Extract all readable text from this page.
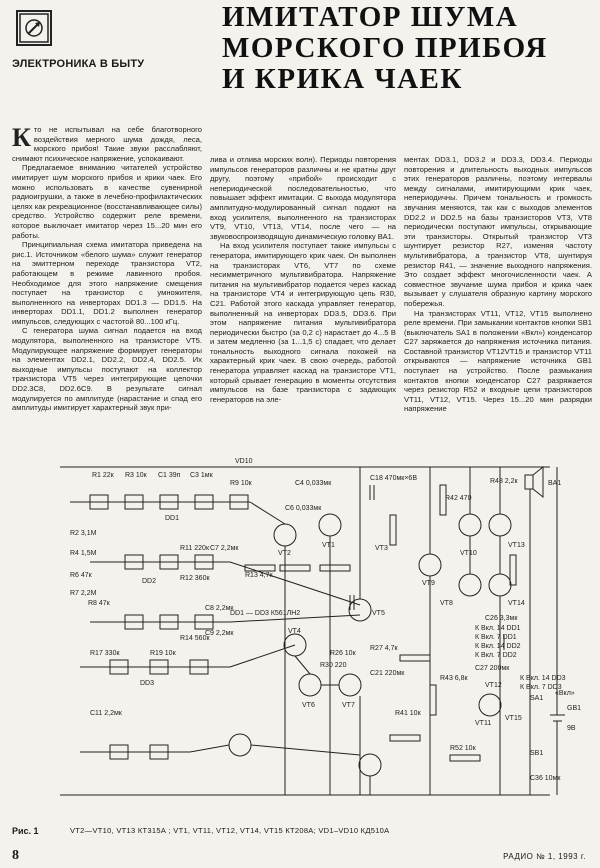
ЭЛЕКТРОНИКА В БЫТУ
ИМИТАТОР ШУМА
МОРСКОГО ПРИБОЯ
И КРИКА ЧАЕК

Кто не испытывал на себе благотворного воздействия мерного шума дождя, леса, морского прибоя! Такие звуки расслабляют, снимают психическое напряжение, успокаивают.

Предлагаемое вниманию читателей устройство имитирует шум морского прибоя и крики чаек. Его можно использовать в качестве сувенирной радиоигрушки, а также в лечебно-профилактических целях как рекреационное (восстанавливающее силы) средство. Устройство содержит реле времени, которое выключает имитатор через 15...20 мин его работы.

Принципиальная схема имитатора приведена на рис.1. Источником «белого шума» служит генератор на эмиттерном переходе транзистора VT2, работающем в режиме лавинного пробоя. Необходимое для этого напряжение смещения поступает на транзистор с умножителя, выполненного на инверторах DD1.3 — DD1.5. На инверторах DD1.1, DD1.2 выполнен генератор импульсов, следующих с частотой 80...100 кГц.

С генератора шума сигнал подается на вход модулятора, выполненного на транзисторе VT5. Модулирующее напряжение формирует генераторы на элементах DD2.1, DD2.2, DD2.4, DD2.5. Их выходные импульсы поступают на коллектор транзистора VT5 через интегрирующие цепочки DD2.3C8, DD2.6C9. В результате сигнал модулируется по амплитуде (нарастание и спад его амплитуды имитирует характерный звук при-

лива и отлива морских волн). Периоды повторения импульсов генераторов различны и не кратны друг другу, поэтому «прибой» происходит с непериодической последовательностью, что повышает эффект имитации. С выхода модулятора амплитудно-модулированный сигнал подают на вход усилителя, выполненного на транзисторах VT9, VT10, VT13, VT14, после чего — на звуковоспроизводящую динамическую головку ВА1.

На вход усилителя поступает также импульсы с генератора, имитирующего крик чаек. Он выполнен на транзисторах VT6, VT7 по схеме несимметричного мультивибратора. Напряжение питания на мультивибратор подается через каскад на транзисторе VT4 и интегрирующую цепь R30, C21. Работой этого каскада управляет генератор, выполненный на инверторах DD3.5, DD3.6. При этом напряжение питания мультивибратора периодически быстро (за 0,2 с) нарастает до 4...5 В и затем медленно (за 1...1,5 с) спадает, что делает тональность выходного сигнала похожей на характерный крик чаек. В свою очередь, работой генератора управляет каскад на транзисторе VT1, который срывает генерацию в моменты отсутствия импульсов на базе транзистора с задающих генераторов на эле-

ментах DD3.1, DD3.2 и DD3.3, DD3.4. Периоды повторения и длительность выходных импульсов этих генераторов различны, поэтому интервалы между сигналами, имитирующими крик чаек, непериодичны. Причем тональность и громкость звучания меняются, так как с выходов элементов DD2.2 и DD2.5 на базы транзисторов VT3, VT8 периодически поступают импульсы, открывающие эти транзисторы. Открытый транзистор VT3 шунтирует резистор R27, изменяя частоту мультивибратора, а транзистор VT8, шунтируя резистор R41, — значение выходного напряжения. Это создает эффект многочисленности чаек. А совместное звучание шума прибоя и крика чаек вызывает у слушателя образную картину морского побережья.

На транзисторах VT11, VT12, VT15 выполнено реле времени. При замыкании контактов кнопки SB1 (выключатель SA1 в положении «Вкл») конденсатор C27 заряжается до напряжения источника питания. Составной транзистор VT12VT15 и транзистор VT11 открываются — напряжение источника GB1 поступает на устройство. После размыкания контактов кнопки конденсатор C27 разряжается через резистор R52 и входные цепи транзисторов VT11, VT12, VT15. Через 15...20 мин разрядки напряжение

R1 22к R3 10к C1 39п
DD1
R2 3,1М
R4 1,5М
R6 47к
R7 2,2М
VD10
C3 1мк
R9 10к	C4 0,033мк
VT1
VT2
C6 0,033мк
R8 47к
C7 2,2мк
DD2
R11 220к
R12 360к	R13 4,7к
VT5
C8 2,2мк
C9 2,2мк
R14 560к
DD1 — DD3 К561ЛН2
VT4
R30 220
VT6	VT7
C18 470мк×6В
R42 470
VT9
VT10
VT13
VT14
C26 3,3мк
R48 2,2к	BA1
VT8
VT3
R17 330к	R19 10к
C11 2,2мк
DD3
R26 10к
R27 4,7к
C21 220мк
R41 10к
R43 6,8к
VT11
VT12
VT15
C27 200мк
SB1
SA1
GB1
R52 10к
С36 10мк
К Вкл. 14 DD1
К Вкл. 7 DD1
К Вкл. 14 DD2
К Вкл. 7 DD2
К Вкл. 14 DD3
К Вкл. 7 DD3
«Вкл»
9В
Рис. 1	VT2—VT10, VT13 КТ315А ; VT1, VT11, VT12, VT14, VT15 КТ208А; VD1–VD10 КД510А
8	РАДИО № 1, 1993 г.
